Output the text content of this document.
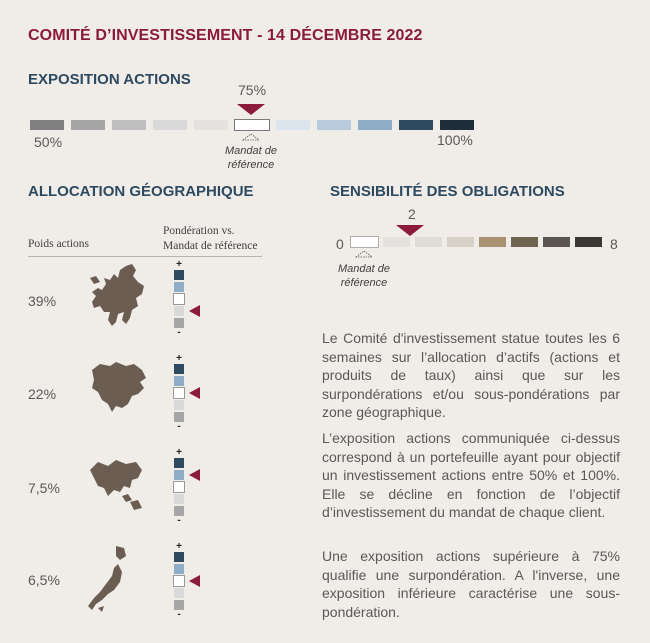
COMITÉ D’INVESTISSEMENT - 14 DÉCEMBRE 2022
EXPOSITION ACTIONS
75%
Mandat de
référence
50%	100%
ALLOCATION GÉOGRAPHIQUE
Poids actions
Pondération vs.
Mandat de référence
39%
+
-
22%
+
-
7,5%
+
-
6,5%
+
-
SENSIBILITÉ DES OBLIGATIONS
2
0	8
Mandat de
référence
Le Comité d'investissement statue toutes les 6 semaines sur l’allocation d’actifs (actions et produits de taux) ainsi que sur les surpondérations et/ou sous-pondérations par zone géographique.
L’exposition actions communiquée ci-dessus correspond à un portefeuille ayant pour objectif un investissement actions entre 50% et 100%. Elle se décline en fonction de l’objectif d’investissement du mandat de chaque client.
Une exposition actions supérieure à 75% qualifie une surpondération. A l'inverse, une exposition inférieure caractérise une sous-pondération.
